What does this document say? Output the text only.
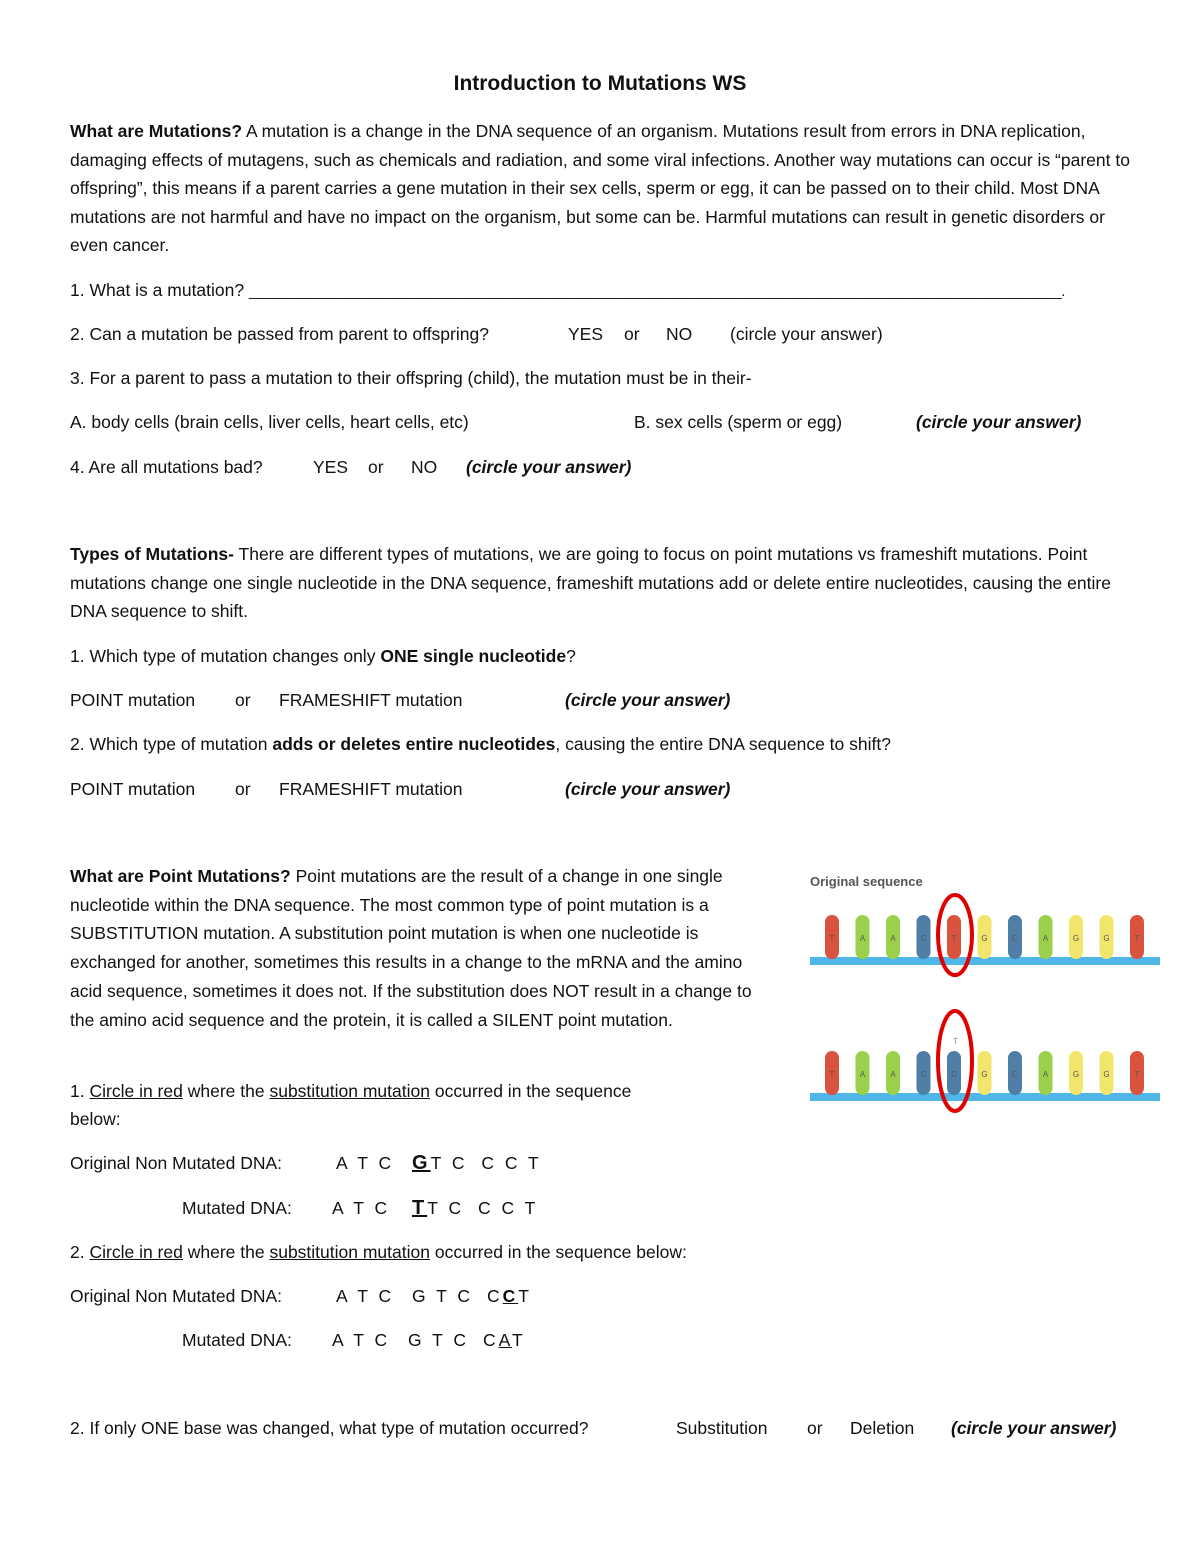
Introduction to Mutations WS
What are Mutations? A mutation is a change in the DNA sequence of an organism. Mutations result from errors in DNA replication, damaging effects of mutagens, such as chemicals and radiation, and some viral infections. Another way mutations can occur is “parent to offspring”, this means if a parent carries a gene mutation in their sex cells, sperm or egg, it can be passed on to their child. Most DNA mutations are not harmful and have no impact on the organism, but some can be. Harmful mutations can result in genetic disorders or even cancer.
1. What is a mutation? _____________________________________________________________________________________________________.
2. Can a mutation be passed from parent to offspring?	YES or NO (circle your answer)
3. For a parent to pass a mutation to their offspring (child), the mutation must be in their-
A. body cells (brain cells, liver cells, heart cells, etc)	B. sex cells (sperm or egg)	(circle your answer)
4. Are all mutations bad?	YES or NO (circle your answer)
Types of Mutations- There are different types of mutations, we are going to focus on point mutations vs frameshift mutations. Point mutations change one single nucleotide in the DNA sequence, frameshift mutations add or delete entire nucleotides, causing the entire DNA sequence to shift.
1. Which type of mutation changes only ONE single nucleotide?
POINT mutation or FRAMESHIFT mutation	(circle your answer)
2. Which type of mutation adds or deletes entire nucleotides, causing the entire DNA sequence to shift?
POINT mutation or FRAMESHIFT mutation	(circle your answer)
What are Point Mutations? Point mutations are the result of a change in one single nucleotide within the DNA sequence. The most common type of point mutation is a SUBSTITUTION mutation. A substitution point mutation is when one nucleotide is exchanged for another, sometimes this results in a change to the mRNA and the amino acid sequence, sometimes it does not. If the substitution does NOT result in a change to the amino acid sequence and the protein, it is called a SILENT point mutation.
Original sequence
T	A	A	C	T	G	C	A	G	G	T
T	A	A	C	C	G	C	A	G	G	T
T
1. Circle in red where the substitution mutation occurred in the sequence
below:
Original Non Mutated DNA:	A T C GT C C C T
Mutated DNA: A T C TT C C C T
2. Circle in red where the substitution mutation occurred in the sequence below:
Original Non Mutated DNA:	A T C G T C CCT
Mutated DNA: A T C G T C CAT
2. If only ONE base was changed, what type of mutation occurred?	Substitution or Deletion (circle your answer)
